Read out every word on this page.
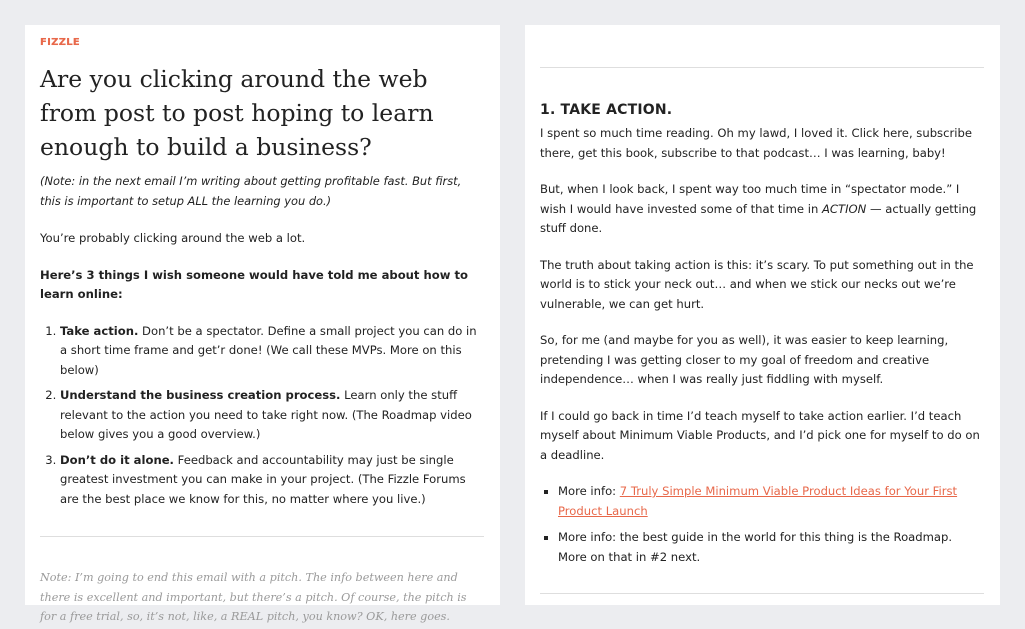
FIZZLE
Are you clicking around the web from post to post hoping to learn enough to build a business?

(Note: in the next email I’m writing about getting profitable fast. But first, this is important to setup ALL the learning you do.)

You’re probably clicking around the web a lot.

Here’s 3 things I wish someone would have told me about how to learn online:

1. Take action. Don’t be a spectator. Define a small project you can do in a short time frame and get’r done! (We call these MVPs. More on this below)
2. Understand the business creation process. Learn only the stuff relevant to the action you need to take right now. (The Roadmap video below gives you a good overview.)
3. Don’t do it alone. Feedback and accountability may just be single greatest investment you can make in your project. (The Fizzle Forums are the best place we know for this, no matter where you live.)

Note: I’m going to end this email with a pitch. The info between here and there is excellent and important, but there’s a pitch. Of course, the pitch is for a free trial, so, it’s not, like, a REAL pitch, you know? OK, here goes.

1. TAKE ACTION.

I spent so much time reading. Oh my lawd, I loved it. Click here, subscribe there, get this book, subscribe to that podcast… I was learning, baby!

But, when I look back, I spent way too much time in “spectator mode.” I wish I would have invested some of that time in ACTION — actually getting stuff done.

The truth about taking action is this: it’s scary. To put something out in the world is to stick your neck out… and when we stick our necks out we’re vulnerable, we can get hurt.

So, for me (and maybe for you as well), it was easier to keep learning, pretending I was getting closer to my goal of freedom and creative independence… when I was really just fiddling with myself.

If I could go back in time I’d teach myself to take action earlier. I’d teach myself about Minimum Viable Products, and I’d pick one for myself to do on a deadline.

▪ More info: 7 Truly Simple Minimum Viable Product Ideas for Your First Product Launch
▪ More info: the best guide in the world for this thing is the Roadmap. More on that in #2 next.
